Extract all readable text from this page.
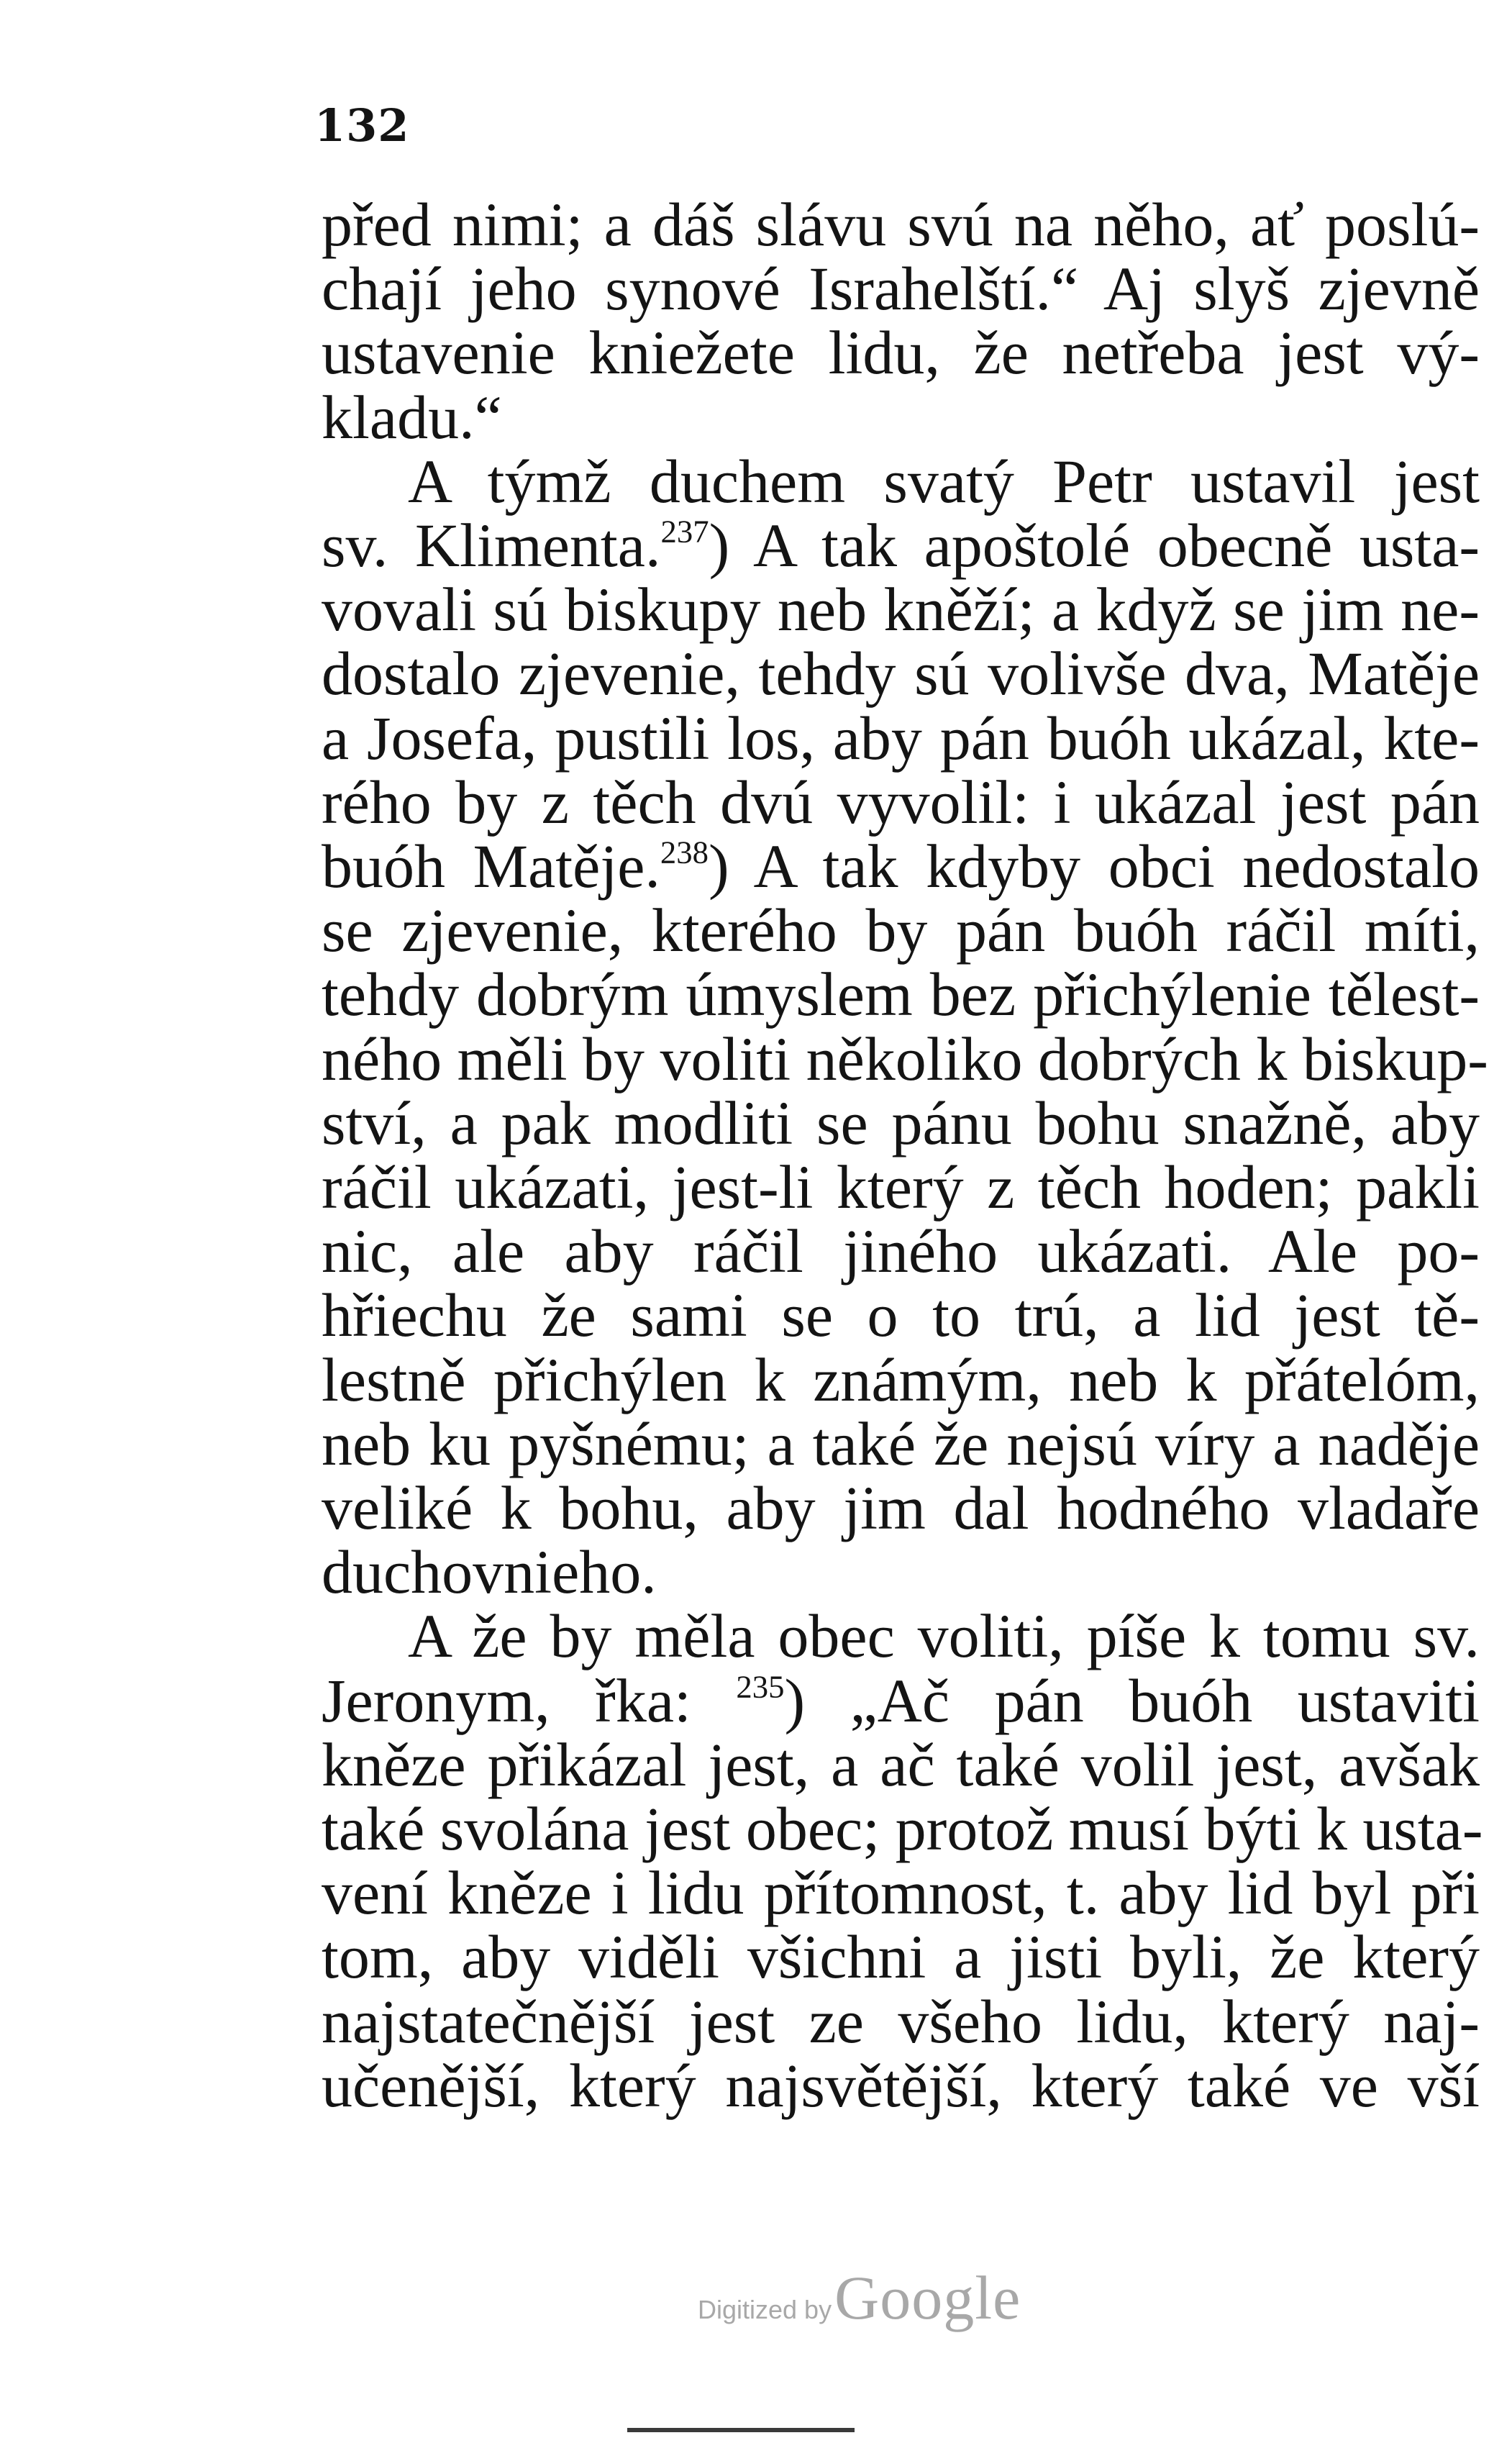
132
před nimi; a dáš slávu svú na něho, ať poslú-
chají jeho synové Israhelští.“ Aj slyš zjevně
ustavenie kniežete lidu, že netřeba jest vý-
kladu.“
A týmž duchem svatý Petr ustavil jest
sv. Klimenta.$^{237}$) A tak apoštolé obecně usta-
vovali sú biskupy neb kněží; a když se jim ne-
dostalo zjevenie, tehdy sú volivše dva, Matěje
a Josefa, pustili los, aby pán buóh ukázal, kte-
rého by z těch dvú vyvolil: i ukázal jest pán
buóh Matěje.$^{238}$) A tak kdyby obci nedostalo
se zjevenie, kterého by pán buóh ráčil míti,
tehdy dobrým úmyslem bez přichýlenie tělest-
ného měli by voliti několiko dobrých k biskup-
ství, a pak modliti se pánu bohu snažně, aby
ráčil ukázati, jest-li který z těch hoden; pakli
nic, ale aby ráčil jiného ukázati. Ale po-
hřiechu že sami se o to trú, a lid jest tě-
lestně přichýlen k známým, neb k přátelóm,
neb ku pyšnému; a také že nejsú víry a naděje
veliké k bohu, aby jim dal hodného vladaře
duchovnieho.
A že by měla obec voliti, píše k tomu sv.
Jeronym, řka: $^{235}$) „Ač pán buóh ustaviti
kněze přikázal jest, a ač také volil jest, avšak
také svolána jest obec; protož musí býti k usta-
vení kněze i lidu přítomnost, t. aby lid byl při
tom, aby viděli všichni a jisti byli, že který
najstatečnější jest ze všeho lidu, který naj-
učenější, který najsvětější, který také ve vší
Digitized by Google
